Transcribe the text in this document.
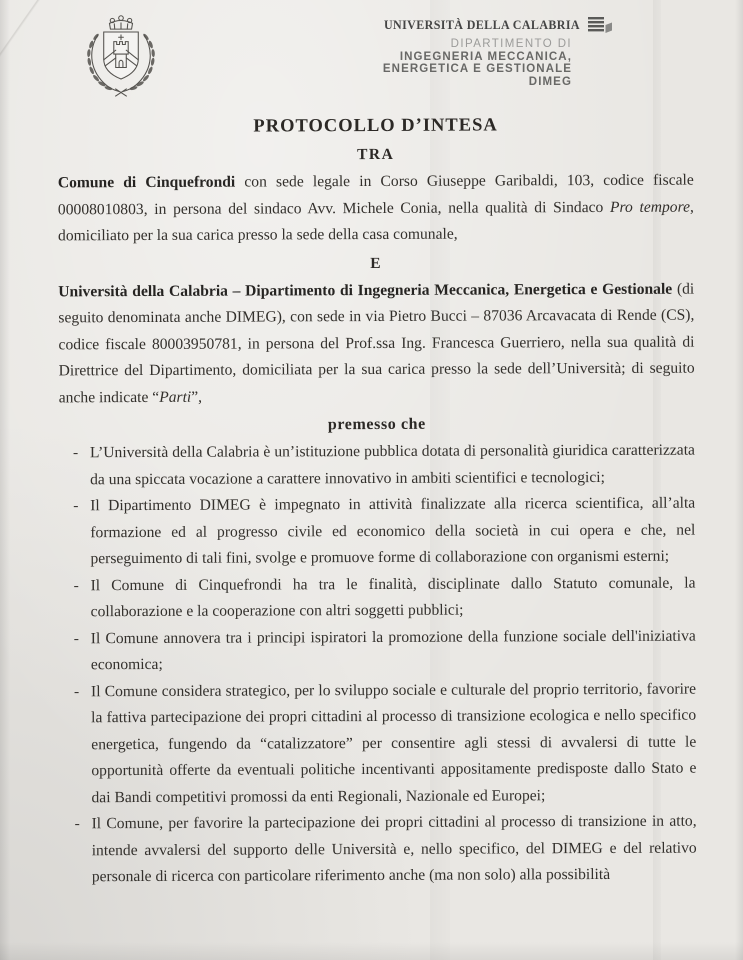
UNIVERSITÀ DELLA CALABRIA
DIPARTIMENTO DI
INGEGNERIA MECCANICA,
ENERGETICA E GESTIONALE
DIMEG
PROTOCOLLO D’INTESA
TRA

Comune di Cinquefrondi con sede legale in Corso Giuseppe Garibaldi, 103, codice fiscale 00008010803, in persona del sindaco Avv. Michele Conia, nella qualità di Sindaco Pro tempore, domiciliato per la sua carica presso la sede della casa comunale,

E

Università della Calabria – Dipartimento di Ingegneria Meccanica, Energetica e Gestionale (di seguito denominata anche DIMEG), con sede in via Pietro Bucci – 87036 Arcavacata di Rende (CS), codice fiscale 80003950781, in persona del Prof.ssa Ing. Francesca Guerriero, nella sua qualità di Direttrice del Dipartimento, domiciliata per la sua carica presso la sede dell’Università; di seguito anche indicate “Parti”,

premesso che
- L’Università della Calabria è un’istituzione pubblica dotata di personalità giuridica caratterizzata da una spiccata vocazione a carattere innovativo in ambiti scientifici e tecnologici;
- Il Dipartimento DIMEG è impegnato in attività finalizzate alla ricerca scientifica, all’alta formazione ed al progresso civile ed economico della società in cui opera e che, nel perseguimento di tali fini, svolge e promuove forme di collaborazione con organismi esterni;
- Il Comune di Cinquefrondi ha tra le finalità, disciplinate dallo Statuto comunale, la collaborazione e la cooperazione con altri soggetti pubblici;
- Il Comune annovera tra i principi ispiratori la promozione della funzione sociale dell'iniziativa economica;
- Il Comune considera strategico, per lo sviluppo sociale e culturale del proprio territorio, favorire la fattiva partecipazione dei propri cittadini al processo di transizione ecologica e nello specifico energetica, fungendo da “catalizzatore” per consentire agli stessi di avvalersi di tutte le opportunità offerte da eventuali politiche incentivanti appositamente predisposte dallo Stato e dai Bandi competitivi promossi da enti Regionali, Nazionale ed Europei;
- Il Comune, per favorire la partecipazione dei propri cittadini al processo di transizione in atto, intende avvalersi del supporto delle Università e, nello specifico, del DIMEG e del relativo personale di ricerca con particolare riferimento anche (ma non solo) alla possibilità
